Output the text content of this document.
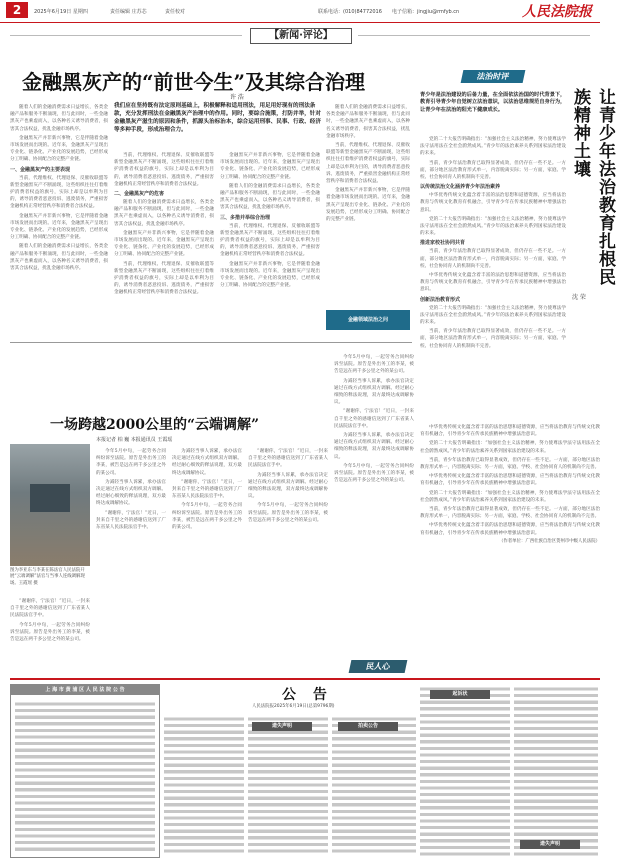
2	2025年6月19日 星期四	责任编辑 庄苏芯	责任校对	联系电话：(010)84772016 电子信箱：jingjiu@rmfyb.cn	人民法院报
【新闻·评论】
金融黑灰产的“前世今生”及其综合治理
许 浩

随着人们的金融消费需求日益增长，各类金融产品和服务不断涌现，但与此同时，一些金融黑灰产也乘虚而入，以各种名义诱导消费者，损害其合法权益，扰乱金融市场秩序。

金融黑灰产并非新兴事物，它是伴随着金融市场发展而出现的。近年来，金融黑灰产呈现出专业化、链条化、产业化的发展趋势，已经形成分工明确、协同配合的完整产业链。

一、金融黑灰产的主要表现

当前，代理维权、代理退保、反催收联盟等新型金融黑灰产不断涌现，这些组织往往打着维护消费者权益的旗号，实际上却是以牟利为目的，诱导消费者恶意投诉、逃废债务，严重损害金融机构正常经营秩序和消费者合法权益。

金融黑灰产并非新兴事物，它是伴随着金融市场发展而出现的。近年来，金融黑灰产呈现出专业化、链条化、产业化的发展趋势，已经形成分工明确、协同配合的完整产业链。

随着人们的金融消费需求日益增长，各类金融产品和服务不断涌现，但与此同时，一些金融黑灰产也乘虚而入，以各种名义诱导消费者，损害其合法权益，扰乱金融市场秩序。

我们应在坚持既有法定原则基础上，积极解释和适用刑法，用足用好现有的刑法条款，充分发挥刑法在金融黑灰产治理中的作用。同时，要综合施策，打防并举，针对金融黑灰产滋生的原因和条件，抓源头治标治本，综合运用刑事、民事、行政、经济等多种手段，形成治理合力。

当前，代理维权、代理退保、反催收联盟等新型金融黑灰产不断涌现，这些组织往往打着维护消费者权益的旗号，实际上却是以牟利为目的，诱导消费者恶意投诉、逃废债务，严重损害金融机构正常经营秩序和消费者合法权益。

二、金融黑灰产的危害

随着人们的金融消费需求日益增长，各类金融产品和服务不断涌现，但与此同时，一些金融黑灰产也乘虚而入，以各种名义诱导消费者，损害其合法权益，扰乱金融市场秩序。

金融黑灰产并非新兴事物，它是伴随着金融市场发展而出现的。近年来，金融黑灰产呈现出专业化、链条化、产业化的发展趋势，已经形成分工明确、协同配合的完整产业链。

当前，代理维权、代理退保、反催收联盟等新型金融黑灰产不断涌现，这些组织往往打着维护消费者权益的旗号，实际上却是以牟利为目的，诱导消费者恶意投诉、逃废债务，严重损害金融机构正常经营秩序和消费者合法权益。

金融黑灰产并非新兴事物，它是伴随着金融市场发展而出现的。近年来，金融黑灰产呈现出专业化、链条化、产业化的发展趋势，已经形成分工明确、协同配合的完整产业链。

随着人们的金融消费需求日益增长，各类金融产品和服务不断涌现，但与此同时，一些金融黑灰产也乘虚而入，以各种名义诱导消费者，损害其合法权益，扰乱金融市场秩序。

三、多措并举综合治理

当前，代理维权、代理退保、反催收联盟等新型金融黑灰产不断涌现，这些组织往往打着维护消费者权益的旗号，实际上却是以牟利为目的，诱导消费者恶意投诉、逃废债务，严重损害金融机构正常经营秩序和消费者合法权益。

金融黑灰产并非新兴事物，它是伴随着金融市场发展而出现的。近年来，金融黑灰产呈现出专业化、链条化、产业化的发展趋势，已经形成分工明确、协同配合的完整产业链。

随着人们的金融消费需求日益增长，各类金融产品和服务不断涌现，但与此同时，一些金融黑灰产也乘虚而入，以各种名义诱导消费者，损害其合法权益，扰乱金融市场秩序。

当前，代理维权、代理退保、反催收联盟等新型金融黑灰产不断涌现，这些组织往往打着维护消费者权益的旗号，实际上却是以牟利为目的，诱导消费者恶意投诉、逃废债务，严重损害金融机构正常经营秩序和消费者合法权益。

金融黑灰产并非新兴事物，它是伴随着金融市场发展而出现的。近年来，金融黑灰产呈现出专业化、链条化、产业化的发展趋势，已经形成分工明确、协同配合的完整产业链。

金融领域法治之问
法治时评
青少年是法治建设的后备力量，在全面依法治国的时代背景下，教育引导青少年自觉树立法治意识，以法治思维规范自身行为，让青少年在法治的阳光下健康成长。	让青少年法治教育扎根民族精神土壤
沈 荣

党的二十大报告明确指出：“加强社会主义法治精神，努力使尊法学法守法用法在全社会蔚然成风。”青少年的法治素养关系到国家法治建设的未来。

当前，青少年法治教育已取得显著成效，但仍存在一些不足。一方面，部分地区法治教育形式单一，内容脱离实际；另一方面，家庭、学校、社会协同育人的机制尚不完善。

以传统法治文化涵养青少年法治素养

中华优秀传统文化蕴含着丰富的法治思想和道德资源，应当将法治教育与传统文化教育有机融合，引导青少年在传承民族精神中增强法治意识。

党的二十大报告明确指出：“加强社会主义法治精神，努力使尊法学法守法用法在全社会蔚然成风。”青少年的法治素养关系到国家法治建设的未来。

推进家校社协同共育

当前，青少年法治教育已取得显著成效，但仍存在一些不足。一方面，部分地区法治教育形式单一，内容脱离实际；另一方面，家庭、学校、社会协同育人的机制尚不完善。

中华优秀传统文化蕴含着丰富的法治思想和道德资源，应当将法治教育与传统文化教育有机融合，引导青少年在传承民族精神中增强法治意识。

创新法治教育形式

党的二十大报告明确指出：“加强社会主义法治精神，努力使尊法学法守法用法在全社会蔚然成风。”青少年的法治素养关系到国家法治建设的未来。

当前，青少年法治教育已取得显著成效，但仍存在一些不足。一方面，部分地区法治教育形式单一，内容脱离实际；另一方面，家庭、学校、社会协同育人的机制尚不完善。

中华优秀传统文化蕴含着丰富的法治思想和道德资源，应当将法治教育与传统文化教育有机融合，引导青少年在传承民族精神中增强法治意识。

党的二十大报告明确指出：“加强社会主义法治精神，努力使尊法学法守法用法在全社会蔚然成风。”青少年的法治素养关系到国家法治建设的未来。

当前，青少年法治教育已取得显著成效，但仍存在一些不足。一方面，部分地区法治教育形式单一，内容脱离实际；另一方面，家庭、学校、社会协同育人的机制尚不完善。

中华优秀传统文化蕴含着丰富的法治思想和道德资源，应当将法治教育与传统文化教育有机融合，引导青少年在传承民族精神中增强法治意识。

党的二十大报告明确指出：“加强社会主义法治精神，努力使尊法学法守法用法在全社会蔚然成风。”青少年的法治素养关系到国家法治建设的未来。

当前，青少年法治教育已取得显著成效，但仍存在一些不足。一方面，部分地区法治教育形式单一，内容脱离实际；另一方面，家庭、学校、社会协同育人的机制尚不完善。

中华优秀传统文化蕴含着丰富的法治思想和道德资源，应当将法治教育与传统文化教育有机融合，引导青少年在传承民族精神中增强法治意识。

（作者单位：广西壮族自治区贺州市中级人民法院）
一场跨越2000公里的“云端调解”
本报记者 柏 巍 本报通讯员 王霞瑶
图为李亚东与李某在陈法官人民法院开展“云端调解”法官与当事人连线调解现场。王霞瑶 摄

“谢谢你，宁法官！”近日，一封来自千里之外的感谢信送到了广东省某人民法院法官手中。

今年5月中旬，一起劳务合同纠纷诉至法院。原告是外出务工的李某，被告是远在两千多公里之外的某公司。

今年5月中旬，一起劳务合同纠纷诉至法院。原告是外出务工的李某，被告是远在两千多公里之外的某公司。

为减轻当事人诉累，承办法官决定通过在线方式组织双方调解。经过耐心细致的释法说理，双方最终达成调解协议。

“谢谢你，宁法官！”近日，一封来自千里之外的感谢信送到了广东省某人民法院法官手中。

为减轻当事人诉累，承办法官决定通过在线方式组织双方调解。经过耐心细致的释法说理，双方最终达成调解协议。

“谢谢你，宁法官！”近日，一封来自千里之外的感谢信送到了广东省某人民法院法官手中。

今年5月中旬，一起劳务合同纠纷诉至法院。原告是外出务工的李某，被告是远在两千多公里之外的某公司。

“谢谢你，宁法官！”近日，一封来自千里之外的感谢信送到了广东省某人民法院法官手中。

为减轻当事人诉累，承办法官决定通过在线方式组织双方调解。经过耐心细致的释法说理，双方最终达成调解协议。

今年5月中旬，一起劳务合同纠纷诉至法院。原告是外出务工的李某，被告是远在两千多公里之外的某公司。

今年5月中旬，一起劳务合同纠纷诉至法院。原告是外出务工的李某，被告是远在两千多公里之外的某公司。

为减轻当事人诉累，承办法官决定通过在线方式组织双方调解。经过耐心细致的释法说理，双方最终达成调解协议。

“谢谢你，宁法官！”近日，一封来自千里之外的感谢信送到了广东省某人民法院法官手中。

为减轻当事人诉累，承办法官决定通过在线方式组织双方调解。经过耐心细致的释法说理，双方最终达成调解协议。

今年5月中旬，一起劳务合同纠纷诉至法院。原告是外出务工的李某，被告是远在两千多公里之外的某公司。

民人心
上 海 市 黄 浦 区 人 民 法 院 公 告	公 告
人民法院报2025年6月19日(总第9796期)
遗失声明	拍卖公告
起诉状
遗失声明
